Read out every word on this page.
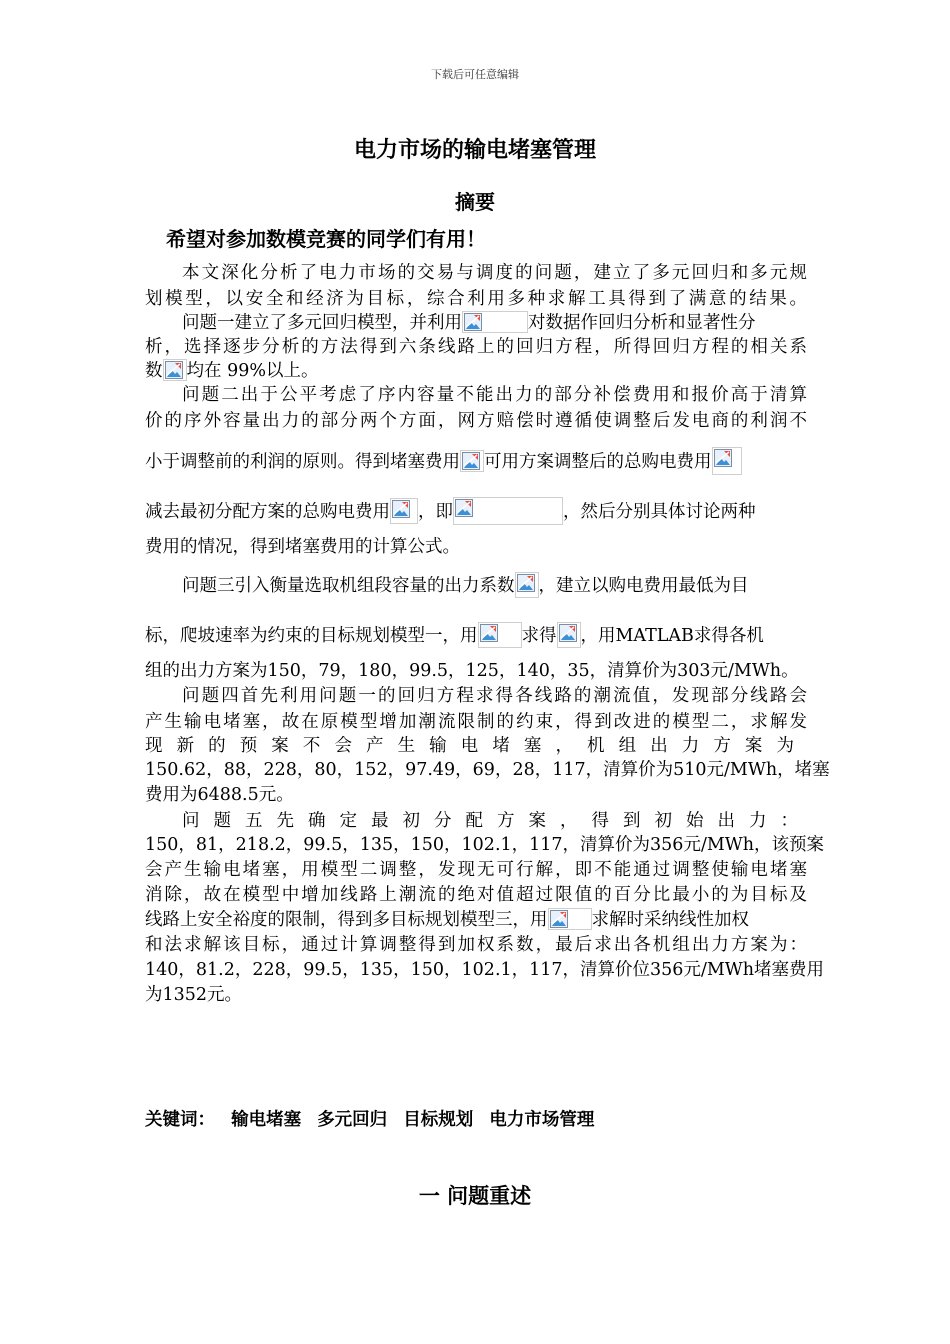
下载后可任意编辑
电力市场的输电堵塞管理
摘要
希望对参加数模竞赛的同学们有用！
本文深化分析了电力市场的交易与调度的问题，建立了多元回归和多元规
划模型，以安全和经济为目标，综合利用多种求解工具得到了满意的结果。
问题一建立了多元回归模型，并利用	对数据作回归分析和显著性分
析，选择逐步分析的方法得到六条线路上的回归方程，所得回归方程的相关系
数 均在 99%以上。
问题二出于公平考虑了序内容量不能出力的部分补偿费用和报价高于清算
价的序外容量出力的部分两个方面，网方赔偿时遵循使调整后发电商的利润不
小于调整前的利润的原则。得到堵塞费用 可用方案调整后的总购电费用
减去最初分配方案的总购电费用 ，即	，然后分别具体讨论两种
费用的情况，得到堵塞费用的计算公式。
问题三引入衡量选取机组段容量的出力系数 ，建立以购电费用最低为目
标，爬坡速率为约束的目标规划模型一，用	求得 ，用MATLAB求得各机
组的出力方案为150，79，180，99.5，125，140，35，清算价为303元/MWh。
问题四首先利用问题一的回归方程求得各线路的潮流值，发现部分线路会
产生输电堵塞，故在原模型增加潮流限制的约束，得到改进的模型二，求解发
现新的预案不会产生输电堵塞，机组出力方案为
150.62，88，228，80，152，97.49，69，28，117，清算价为510元/MWh，堵塞
费用为6488.5元。
问题五先确定最初分配方案，得到初始出力：
150，81，218.2，99.5，135，150，102.1，117，清算价为356元/MWh，该预案
会产生输电堵塞，用模型二调整，发现无可行解，即不能通过调整使输电堵塞
消除，故在模型中增加线路上潮流的绝对值超过限值的百分比最小的为目标及
线路上安全裕度的限制，得到多目标规划模型三，用	求解时采纳线性加权
和法求解该目标，通过计算调整得到加权系数，最后求出各机组出力方案为：
140，81.2，228，99.5，135，150，102.1，117，清算价位356元/MWh堵塞费用
为1352元。
关键词： 输电堵塞 多元回归 目标规划 电力市场管理
一 问题重述
